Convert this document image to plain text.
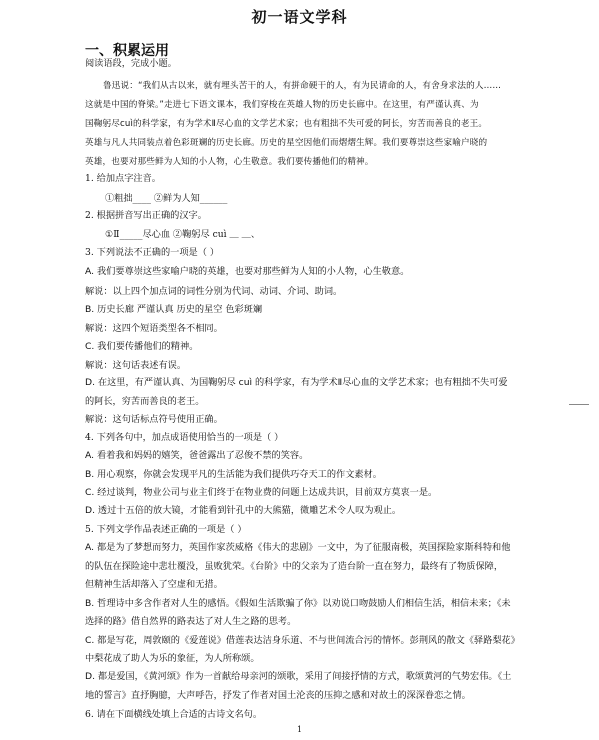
初一语文学科
一、积累运用
阅读语段，完成小题。
鲁迅说：“我们从古以来，就有埋头苦干的人，有拼命硬干的人，有为民请命的人，有舍身求法的人……
这就是中国的脊梁。”走进七下语文课本，我们穿梭在英雄人物的历史长廊中。在这里，有严谨认真、为
国鞠躬尽cuì的科学家，有为学术Ⅱ尽心血的文学艺术家；也有粗拙不失可爱的阿长，穷苦而善良的老王。
英雄与凡人共同装点着色彩斑斓的历史长廊。历史的星空因他们而熠熠生辉。我们要尊崇这些家喻户晓的
英雄，也要对那些鲜为人知的小人物，心生敬意。我们要传播他们的精神。
1. 给加点字注音。
①粗拙____ ②鲜为人知______
2. 根据拼音写出正确的汉字。
①Ⅱ_____尽心血 ②鞠躬尽 cuì ＿ ＿、
3. 下列说法不正确的一项是（ ）
A. 我们要尊崇这些家喻户晓的英雄，也要对那些鲜为人知的小人物，心生敬意。
解说：以上四个加点词的词性分别为代词、动词、介词、助词。
B. 历史长廊 严谨认真 历史的星空 色彩斑斓
解说：这四个短语类型各不相同。
C. 我们要传播他们的精神。
解说：这句话表述有误。
D. 在这里，有严谨认真、为国鞠躬尽 cuì 的科学家，有为学术Ⅱ尽心血的文学艺术家；也有粗拙不失可爱
的阿长，穷苦而善良的老王。
解说：这句话标点符号使用正确。
4. 下列各句中，加点成语使用恰当的一项是（ ）
A. 看着我和妈妈的嬉笑，爸爸露出了忍俊不禁的笑容。
B. 用心观察，你就会发现平凡的生活能为我们提供巧夺天工的作文素材。
C. 经过谈判，物业公司与业主们终于在物业费的问题上达成共识，目前双方莫衷一是。
D. 透过十五倍的放大镜，才能看到针孔中的大熊猫，微雕艺术令人叹为观止。
5. 下列文学作品表述正确的一项是（ ）
A. 都是为了梦想而努力，英国作家茨威格《伟大的悲剧》一文中，为了征服南极，英国探险家斯科特和他
的队伍在探险途中悲壮覆没，虽败犹荣。《台阶》中的父亲为了造台阶一直在努力，最终有了物质保障，
但精神生活却落入了空虚和无措。
B. 哲理诗中多含作者对人生的感悟。《假如生活欺骗了你》以劝说口吻鼓励人们相信生活，相信未来；《未
选择的路》借自然界的路表达了对人生之路的思考。
C. 都是写花，周敦颐的《爱莲说》借莲表达洁身乐道、不与世间流合污的情怀。彭荆风的散文《驿路梨花》
中梨花成了助人为乐的象征，为人所称颂。
D. 都是爱国，《黄河颂》作为一首献给母亲河的颂歌，采用了间接抒情的方式，歌颂黄河的气势宏伟。《土
地的誓言》直抒胸臆，大声呼告，抒发了作者对国土沦丧的压抑之感和对故土的深深眷恋之情。
6. 请在下面横线处填上合适的古诗文名句。
1
